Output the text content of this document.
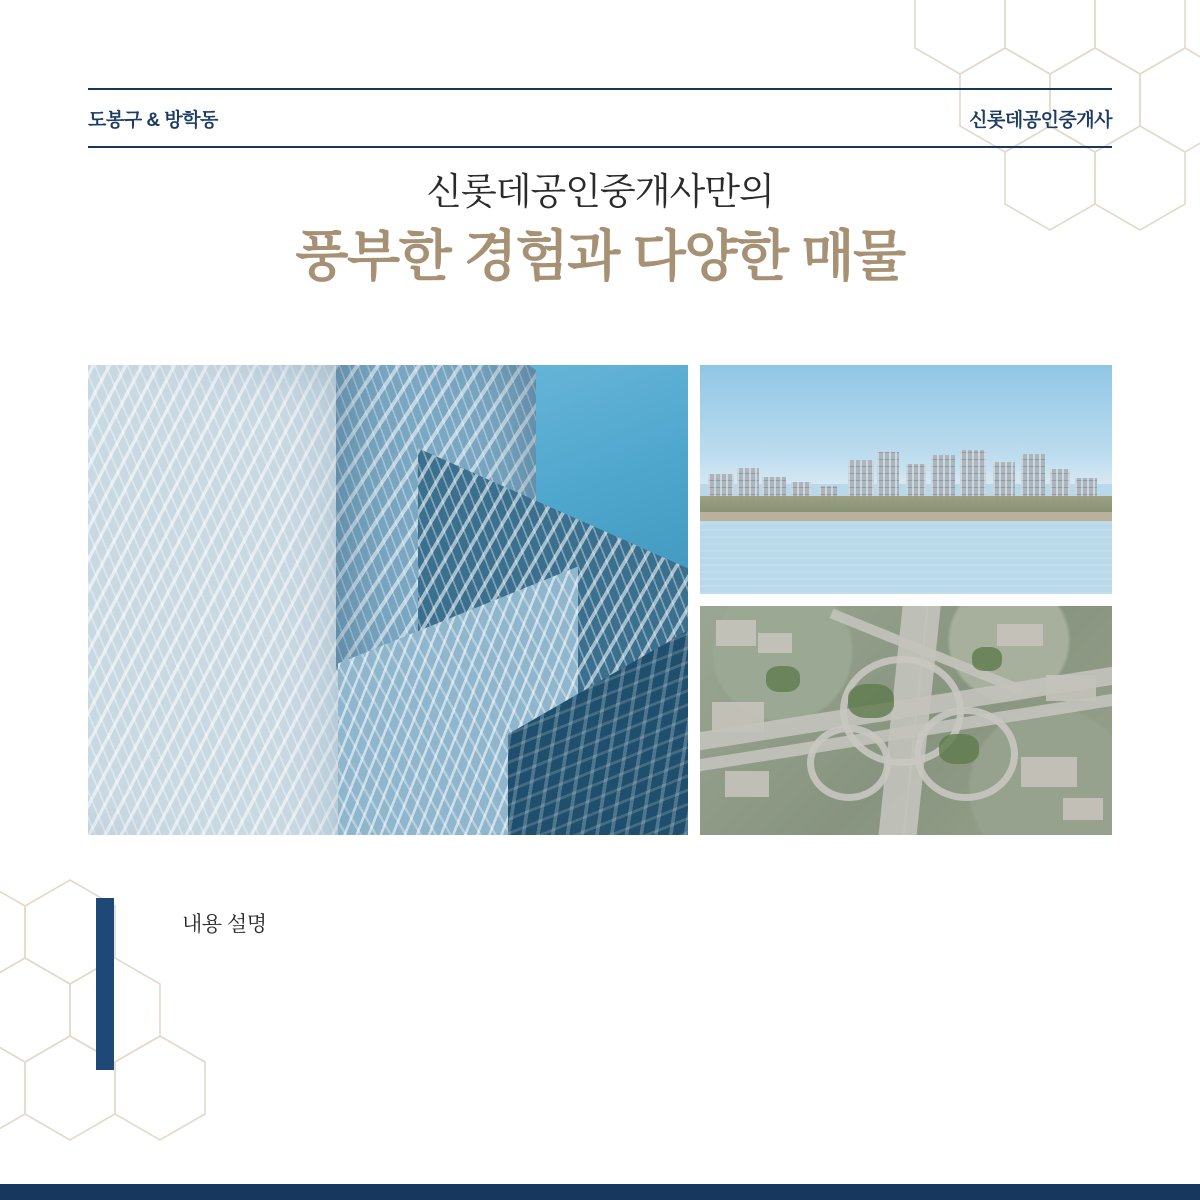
도봉구 & 방학동	신롯데공인중개사

신롯데공인중개사만의

풍부한 경험과 다양한 매물
내용 설명
